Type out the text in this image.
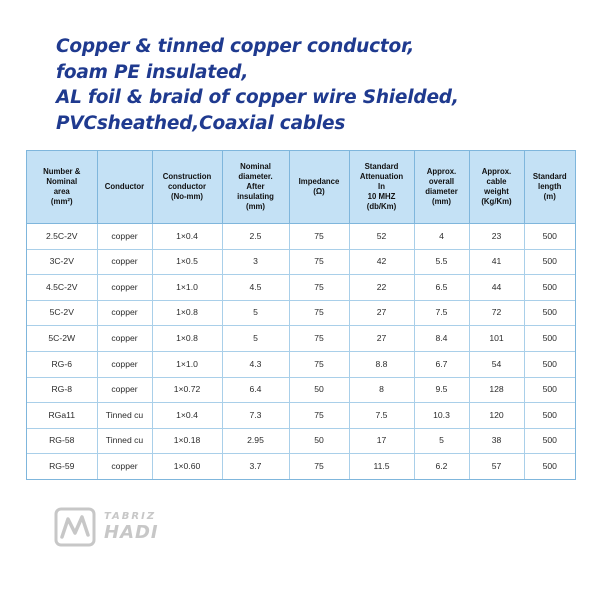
Copper & tinned copper conductor,
foam PE insulated,
AL foil & braid of copper wire Shielded,
PVCsheathed,Coaxial cables
Number &
Nominal
area
(mm²)	Conductor	Construction
conductor
(No-mm)	Nominal
diameter.
After
insulating
(mm)	Impedance
(Ω)	Standard
Attenuation
In
10 MHZ
(db/Km)	Approx.
overall
diameter
(mm)	Approx.
cable
weight
(Kg/Km)	Standard
length
(m)

2.5C-2V	copper	1×0.4	2.5	75	52	4	23	500
3C-2V	copper	1×0.5	3	75	42	5.5	41	500
4.5C-2V	copper	1×1.0	4.5	75	22	6.5	44	500
5C-2V	copper	1×0.8	5	75	27	7.5	72	500
5C-2W	copper	1×0.8	5	75	27	8.4	101	500
RG-6	copper	1×1.0	4.3	75	8.8	6.7	54	500
RG-8	copper	1×0.72	6.4	50	8	9.5	128	500
RGa11	Tinned cu	1×0.4	7.3	75	7.5	10.3	120	500
RG-58	Tinned cu	1×0.18	2.95	50	17	5	38	500
RG-59	copper	1×0.60	3.7	75	11.5	6.2	57	500
TABRIZ
HADI
